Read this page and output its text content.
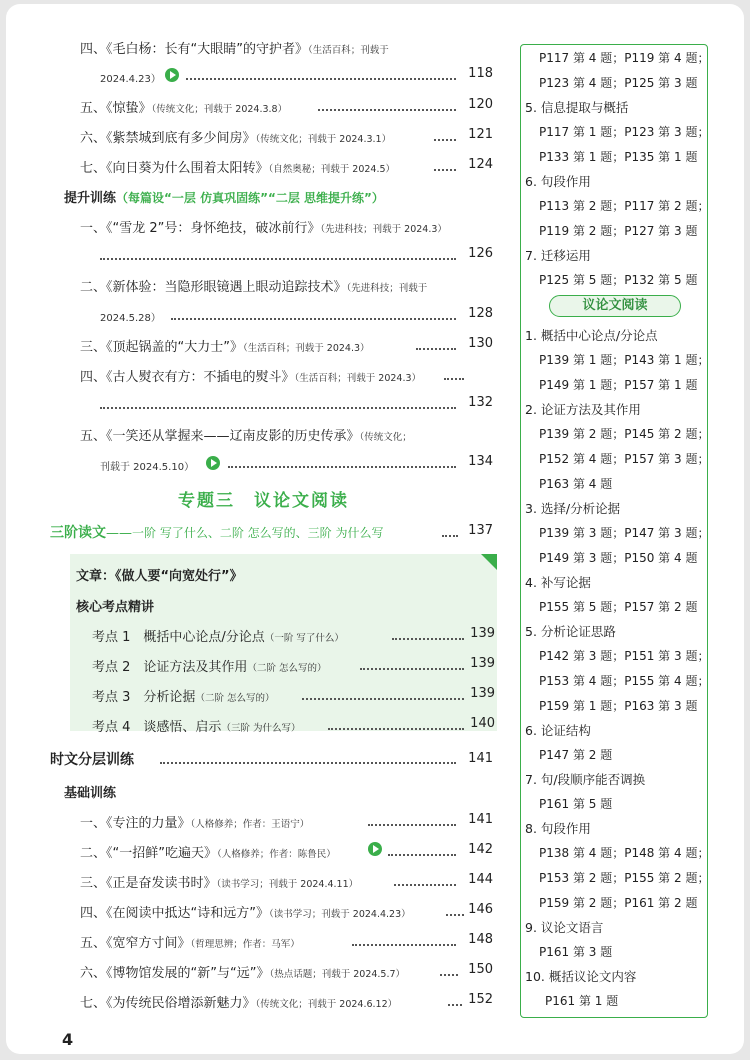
四、《毛白杨：长有“大眼睛”的守护者》（生活百科；刊载于
2024.4.23）	118
五、《惊蛰》（传统文化；刊载于 2024.3.8）	120
六、《紫禁城到底有多少间房》（传统文化；刊载于 2024.3.1）	121
七、《向日葵为什么围着太阳转》（自然奥秘；刊载于 2024.5）	124
提升训练（每篇设“一层 仿真巩固练”“二层 思维提升练”）
一、《“雪龙 2”号：身怀绝技，破冰前行》（先进科技；刊载于 2024.3）
126
二、《新体验：当隐形眼镜遇上眼动追踪技术》（先进科技；刊载于
2024.5.28）	128
三、《顶起锅盖的“大力士”》（生活百科；刊载于 2024.3）	130
四、《古人熨衣有方：不插电的熨斗》（生活百科；刊载于 2024.3）
132
五、《一笑还从掌握来——辽南皮影的历史传承》（传统文化；
刊载于 2024.5.10）	134
专题三　议论文阅读
三阶读文——一阶 写了什么、二阶 怎么写的、三阶 为什么写	137
文章：《做人要“向宽处行”》
核心考点精讲
考点 1　 概括中心论点/分论点（一阶 写了什么）	139
考点 2　 论证方法及其作用（二阶 怎么写的）	139
考点 3　 分析论据（二阶 怎么写的）	139
考点 4　 谈感悟、启示（三阶 为什么写）	140
时文分层训练	141
基础训练
一、《专注的力量》（人格修养；作者：王语宁）	141
二、《“一招鲜”吃遍天》（人格修养；作者：陈鲁民）	142
三、《正是奋发读书时》（读书学习；刊载于 2024.4.11）	144
四、《在阅读中抵达“诗和远方”》（读书学习；刊载于 2024.4.23）	146
五、《宽窄方寸间》（哲理思辨；作者：马军）	148
六、《博物馆发展的“新”与“远”》（热点话题；刊载于 2024.5.7）	150
七、《为传统民俗增添新魅力》（传统文化；刊载于 2024.6.12）	152
4
P117 第 4 题；P119 第 4 题；
P123 第 4 题；P125 第 3 题
5. 信息提取与概括
P117 第 1 题；P123 第 3 题；
P133 第 1 题；P135 第 1 题
6. 句段作用
P113 第 2 题；P117 第 2 题；
P119 第 2 题；P127 第 3 题
7. 迁移运用
P125 第 5 题；P132 第 5 题
议论文阅读
1. 概括中心论点/分论点
P139 第 1 题；P143 第 1 题；
P149 第 1 题；P157 第 1 题
2. 论证方法及其作用
P139 第 2 题；P145 第 2 题；
P152 第 4 题；P157 第 3 题；
P163 第 4 题
3. 选择/分析论据
P139 第 3 题；P147 第 3 题；
P149 第 3 题；P150 第 4 题
4. 补写论据
P155 第 5 题；P157 第 2 题
5. 分析论证思路
P142 第 3 题；P151 第 3 题；
P153 第 4 题；P155 第 4 题；
P159 第 1 题；P163 第 3 题
6. 论证结构
P147 第 2 题
7. 句/段顺序能否调换
P161 第 5 题
8. 句段作用
P138 第 4 题；P148 第 4 题；
P153 第 2 题；P155 第 2 题；
P159 第 2 题；P161 第 2 题
9. 议论文语言
P161 第 3 题
10. 概括议论文内容
P161 第 1 题
